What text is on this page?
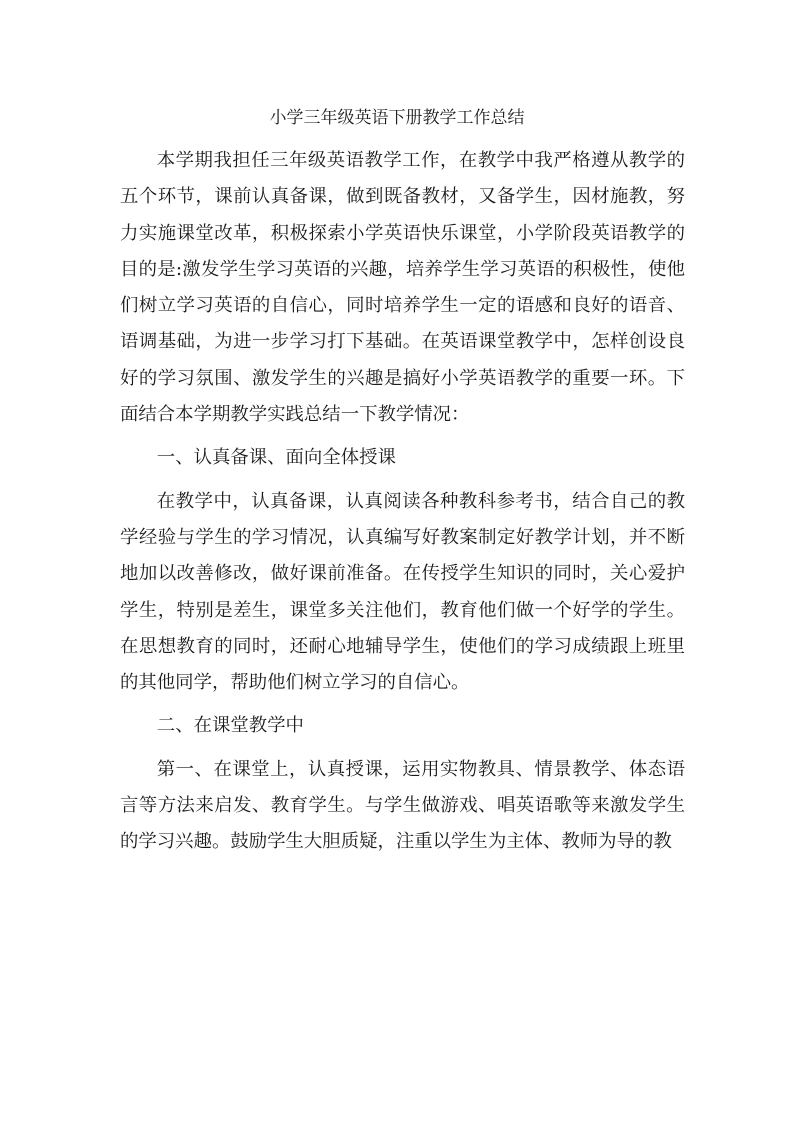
小学三年级英语下册教学工作总结

本学期我担任三年级英语教学工作，在教学中我严格遵从教学的五个环节，课前认真备课，做到既备教材，又备学生，因材施教，努力实施课堂改革，积极探索小学英语快乐课堂，小学阶段英语教学的目的是:激发学生学习英语的兴趣，培养学生学习英语的积极性，使他们树立学习英语的自信心，同时培养学生一定的语感和良好的语音、语调基础，为进一步学习打下基础。在英语课堂教学中，怎样创设良好的学习氛围、激发学生的兴趣是搞好小学英语教学的重要一环。下面结合本学期教学实践总结一下教学情况：

一、认真备课、面向全体授课

在教学中，认真备课，认真阅读各种教科参考书，结合自己的教学经验与学生的学习情况，认真编写好教案制定好教学计划，并不断地加以改善修改，做好课前准备。在传授学生知识的同时，关心爱护学生，特别是差生，课堂多关注他们，教育他们做一个好学的学生。在思想教育的同时，还耐心地辅导学生，使他们的学习成绩跟上班里的其他同学，帮助他们树立学习的自信心。

二、在课堂教学中

第一、在课堂上，认真授课，运用实物教具、情景教学、体态语言等方法来启发、教育学生。与学生做游戏、唱英语歌等来激发学生的学习兴趣。鼓励学生大胆质疑，注重以学生为主体、教师为导的教
